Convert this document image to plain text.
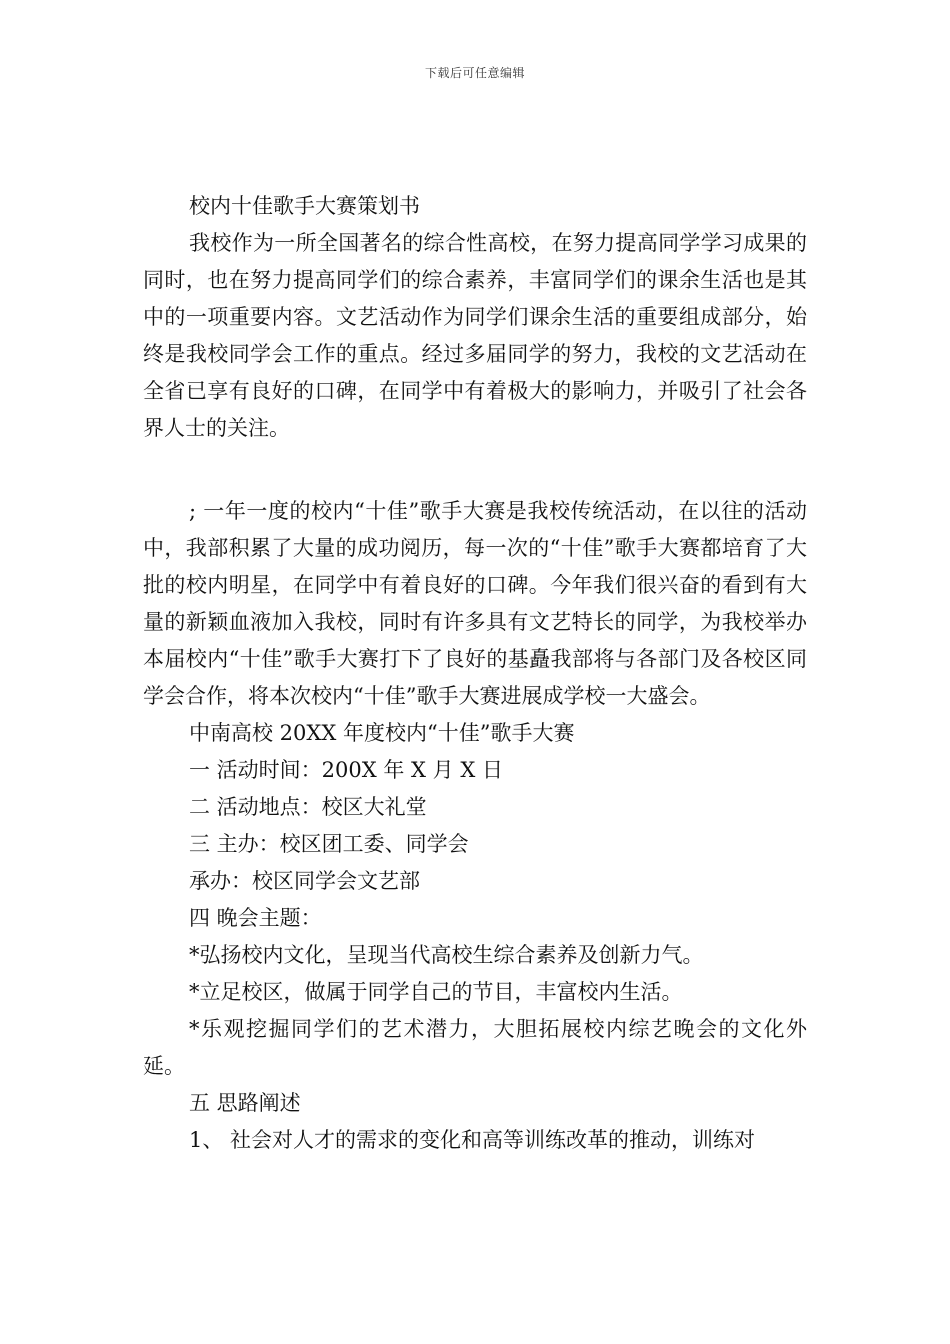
下载后可任意编辑
校内十佳歌手大赛策划书

我校作为一所全国著名的综合性高校，在努力提高同学学习成果的同时，也在努力提高同学们的综合素养，丰富同学们的课余生活也是其中的一项重要内容。文艺活动作为同学们课余生活的重要组成部分，始终是我校同学会工作的重点。经过多届同学的努力，我校的文艺活动在全省已享有良好的口碑，在同学中有着极大的影响力，并吸引了社会各界人士的关注。

; 一年一度的校内“十佳”歌手大赛是我校传统活动，在以往的活动中，我部积累了大量的成功阅历，每一次的“十佳”歌手大赛都培育了大批的校内明星，在同学中有着良好的口碑。今年我们很兴奋的看到有大量的新颖血液加入我校，同时有许多具有文艺特长的同学，为我校举办本届校内“十佳”歌手大赛打下了良好的基矗我部将与各部门及各校区同学会合作，将本次校内“十佳”歌手大赛进展成学校一大盛会。

中南高校 20XX 年度校内“十佳”歌手大赛
一 活动时间：200X 年 X 月 X 日
二 活动地点：校区大礼堂
三 主办：校区团工委、同学会
承办：校区同学会文艺部
四 晚会主题：
*弘扬校内文化，呈现当代高校生综合素养及创新力气。
*立足校区，做属于同学自己的节目，丰富校内生活。

*乐观挖掘同学们的艺术潜力，大胆拓展校内综艺晚会的文化外延。

五 思路阐述
1、 社会对人才的需求的变化和高等训练改革的推动，训练对
